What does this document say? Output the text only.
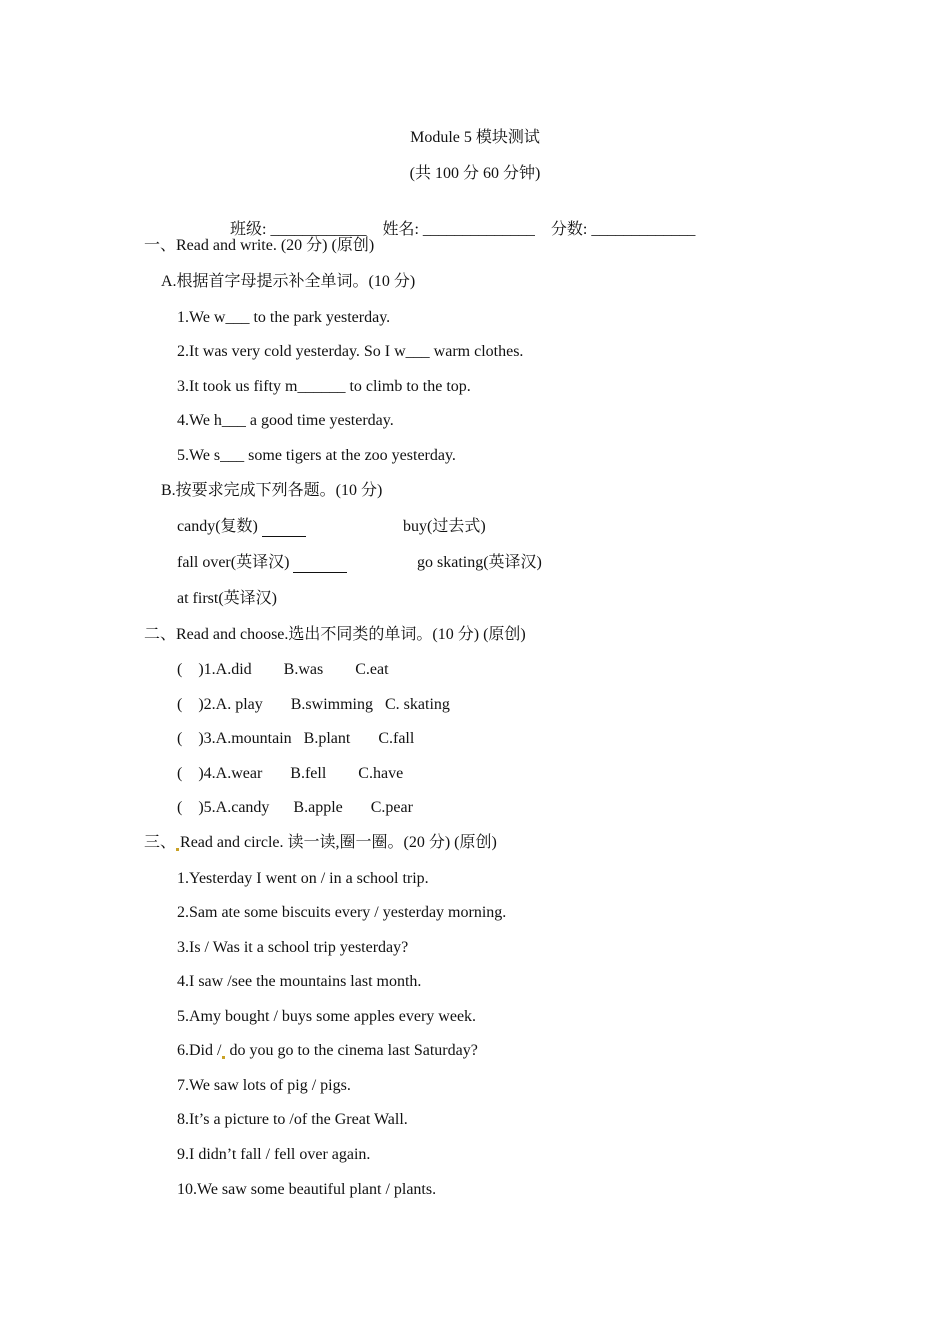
Module 5 模块测试
(共 100 分 60 分钟)

班级: ____________ 姓名: ______________ 分数: _____________

一、Read and write. (20 分) (原创)
A.根据首字母提示补全单词。(10 分)
1.We w___ to the park yesterday.
2.It was very cold yesterday. So I w___ warm clothes.
3.It took us fifty m______ to climb to the top.
4.We h___ a good time yesterday.
5.We s___ some tigers at the zoo yesterday.
B.按要求完成下列各题。(10 分)
candy(复数)	buy(过去式)
fall over(英译汉)	go skating(英译汉)
at first(英译汉)
二、Read and choose.选出不同类的单词。(10 分) (原创)
(    )1.A.did        B.was        C.eat
(    )2.A. play       B.swimming   C. skating
(    )3.A.mountain   B.plant       C.fall
(    )4.A.wear       B.fell        C.have
(    )5.A.candy      B.apple       C.pear
三、 Read and circle. 读一读,圈一圈。(20 分) (原创)
1.Yesterday I went on / in a school trip.
2.Sam ate some biscuits every / yesterday morning.
3.Is / Was it a school trip yesterday?
4.I saw /see the mountains last month.
5.Amy bought / buys some apples every week.
6.Did / do you go to the cinema last Saturday?
7.We saw lots of pig / pigs.
8.It’s a picture to /of the Great Wall.
9.I didn’t fall / fell over again.
10.We saw some beautiful plant / plants.
